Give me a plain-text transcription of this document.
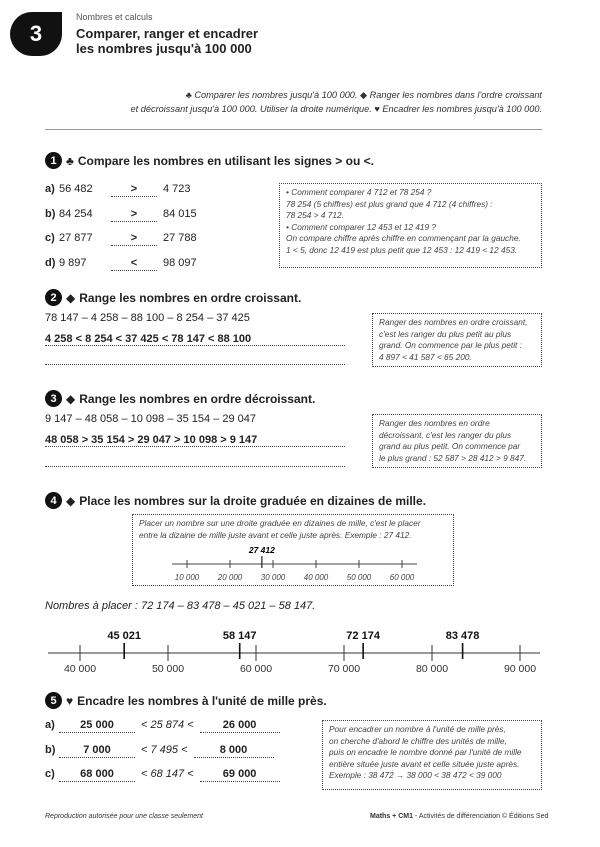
3
Nombres et calculs
Comparer, ranger et encadrer
les nombres jusqu'à 100 000
♣ Comparer les nombres jusqu'à 100 000. ◆ Ranger les nombres dans l'ordre croissant
et décroissant jusqu'à 100 000. Utiliser la droite numérique. ♥ Encadrer les nombres jusqu'à 100 000.
1 ♣ Compare les nombres en utilisant les signes > ou <.
a) 56 482	>	4 723
b) 84 254	>	84 015
c) 27 877	>	27 788
d) 9 897	<	98 097
• Comment comparer 4 712 et 78 254 ?
78 254 (5 chiffres) est plus grand que 4 712 (4 chiffres) :
78 254 > 4 712.
• Comment comparer 12 453 et 12 419 ?
On compare chiffre après chiffre en commençant par la gauche.
1 < 5, donc 12 419 est plus petit que 12 453 : 12 419 < 12 453.
2 ◆ Range les nombres en ordre croissant.
78 147 – 4 258 – 88 100 – 8 254 – 37 425
4 258 < 8 254 < 37 425 < 78 147 < 88 100
Ranger des nombres en ordre croissant,
c'est les ranger du plus petit au plus
grand. On commence par le plus petit :
4 897 < 41 587 < 65 200.
3 ◆ Range les nombres en ordre décroissant.
9 147 – 48 058 – 10 098 – 35 154 – 29 047
48 058 > 35 154 > 29 047 > 10 098 > 9 147
Ranger des nombres en ordre
décroissant, c'est les ranger du plus
grand au plus petit. On commence par
le plus grand : 52 587 > 28 412 > 9 847.
4 ◆ Place les nombres sur la droite graduée en dizaines de mille.
Placer un nombre sur une droite graduée en dizaines de mille, c'est le placer
entre la dizaine de mille juste avant et celle juste après. Exemple : 27 412.
27 412
10 000 20 000 30 000 40 000 50 000 60 000
Nombres à placer : 72 174 – 83 478 – 45 021 – 58 147.
40 000	50 000	60 000	70 000	80 000	90 000
45 021	58 147	72 174	83 478
5 ♥ Encadre les nombres à l'unité de mille près.
a)	25 000	< 25 874 <	26 000
b)	7 000	< 7 495 <	8 000
c)	68 000	< 68 147 <	69 000
Pour encadrer un nombre à l'unité de mille près,
on cherche d'abord le chiffre des unités de mille,
puis on encadre le nombre donné par l'unité de mille
entière située juste avant et celle située juste après.
Exemple : 38 472 → 38 000 < 38 472 < 39 000
Reproduction autorisée pour une classe seulement	Maths + CM1 - Activités de différenciation © Éditions Sed
